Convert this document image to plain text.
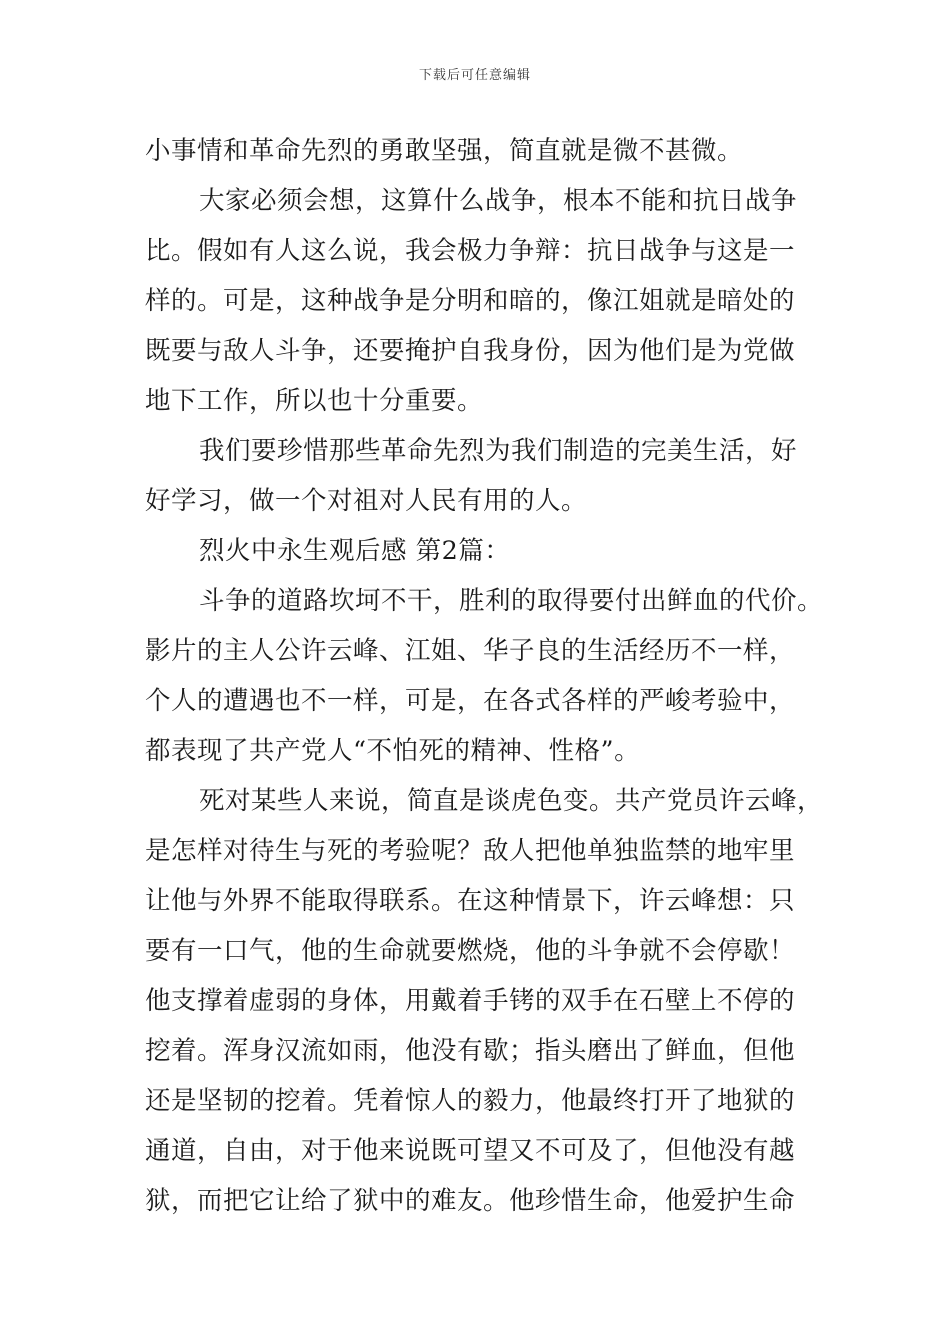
下载后可任意编辑
小事情和革命先烈的勇敢坚强，简直就是微不甚微。
大家必须会想，这算什么战争，根本不能和抗日战争
比。假如有人这么说，我会极力争辩：抗日战争与这是一
样的。可是，这种战争是分明和暗的，像江姐就是暗处的
既要与敌人斗争，还要掩护自我身份，因为他们是为党做
地下工作，所以也十分重要。
我们要珍惜那些革命先烈为我们制造的完美生活，好
好学习，做一个对祖对人民有用的人。
烈火中永生观后感 第2篇：
斗争的道路坎坷不干，胜利的取得要付出鲜血的代价。
影片的主人公许云峰、江姐、华子良的生活经历不一样，
个人的遭遇也不一样，可是，在各式各样的严峻考验中，
都表现了共产党人“不怕死的精神、性格”。
死对某些人来说，简直是谈虎色变。共产党员许云峰，
是怎样对待生与死的考验呢？敌人把他单独监禁的地牢里
让他与外界不能取得联系。在这种情景下，许云峰想：只
要有一口气，他的生命就要燃烧，他的斗争就不会停歇！
他支撑着虚弱的身体，用戴着手铐的双手在石壁上不停的
挖着。浑身汉流如雨，他没有歇；指头磨出了鲜血，但他
还是坚韧的挖着。凭着惊人的毅力，他最终打开了地狱的
通道，自由，对于他来说既可望又不可及了，但他没有越
狱，而把它让给了狱中的难友。他珍惜生命，他爱护生命
